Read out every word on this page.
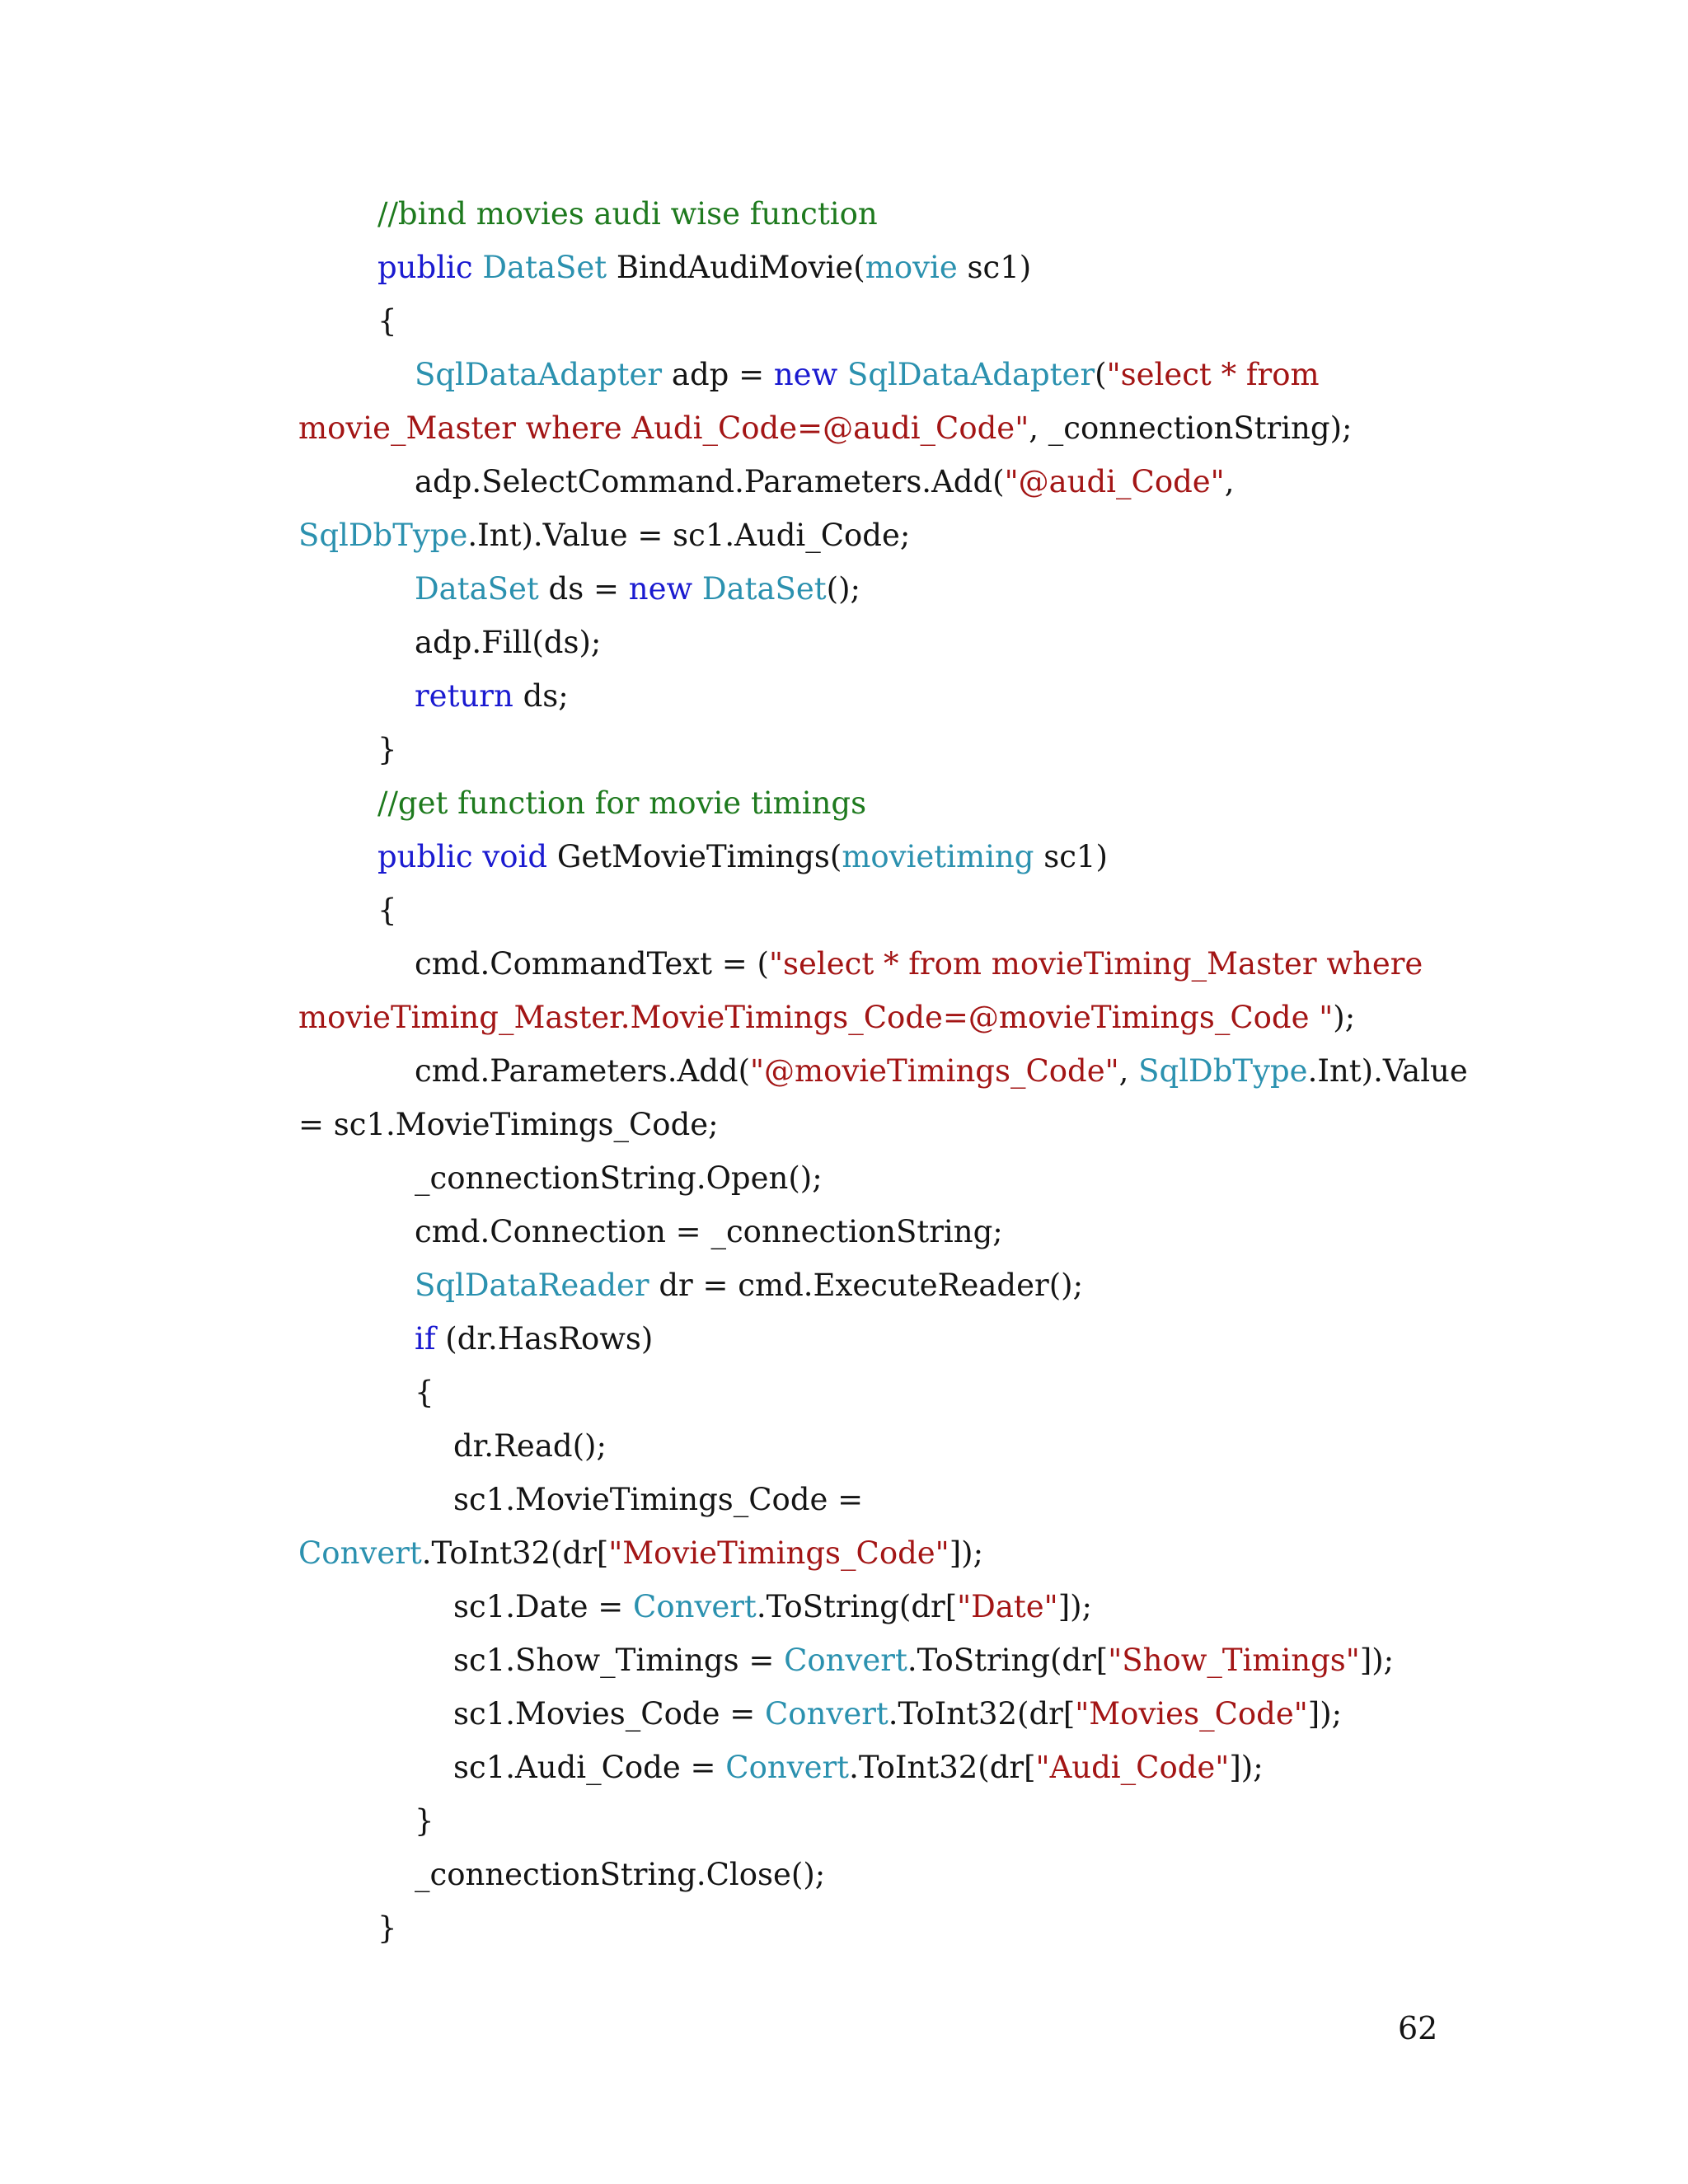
//bind movies audi wise function
public DataSet BindAudiMovie(movie sc1)
{
SqlDataAdapter adp = new SqlDataAdapter("select * from
movie_Master where Audi_Code=@audi_Code", _connectionString);
adp.SelectCommand.Parameters.Add("@audi_Code",
SqlDbType.Int).Value = sc1.Audi_Code;
DataSet ds = new DataSet();
adp.Fill(ds);
return ds;
}
//get function for movie timings
public void GetMovieTimings(movietiming sc1)
{
cmd.CommandText = ("select * from movieTiming_Master where
movieTiming_Master.MovieTimings_Code=@movieTimings_Code ");
cmd.Parameters.Add("@movieTimings_Code", SqlDbType.Int).Value
= sc1.MovieTimings_Code;
_connectionString.Open();
cmd.Connection = _connectionString;
SqlDataReader dr = cmd.ExecuteReader();
if (dr.HasRows)
{
dr.Read();
sc1.MovieTimings_Code =
Convert.ToInt32(dr["MovieTimings_Code"]);
sc1.Date = Convert.ToString(dr["Date"]);
sc1.Show_Timings = Convert.ToString(dr["Show_Timings"]);
sc1.Movies_Code = Convert.ToInt32(dr["Movies_Code"]);
sc1.Audi_Code = Convert.ToInt32(dr["Audi_Code"]);
}
_connectionString.Close();
}
62
